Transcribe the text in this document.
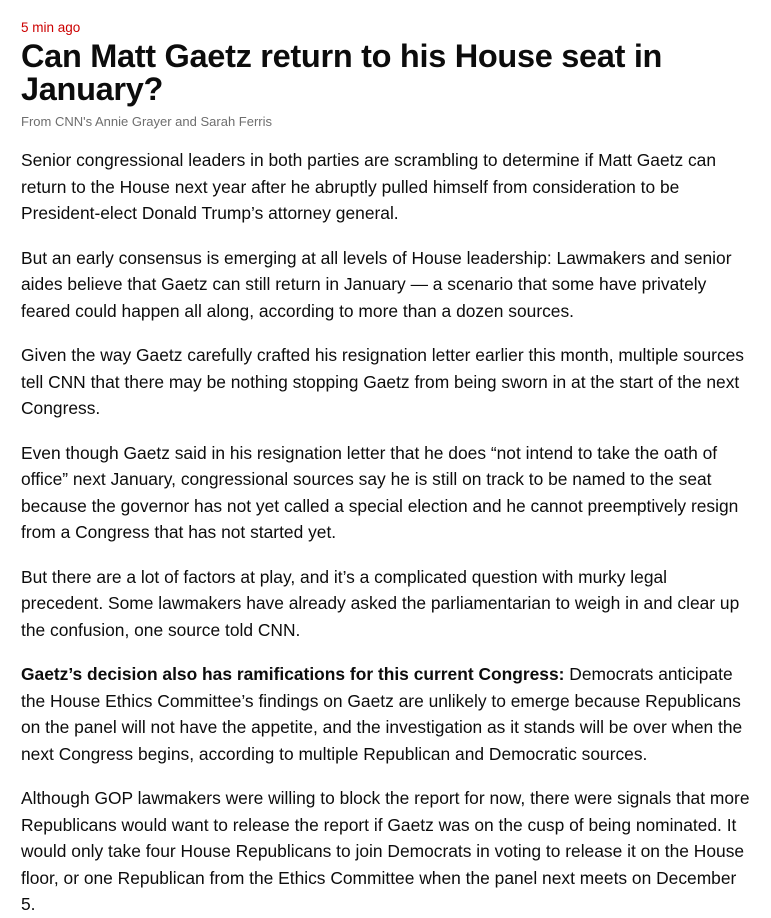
5 min ago
Can Matt Gaetz return to his House seat in January?
From CNN's Annie Grayer and Sarah Ferris

Senior congressional leaders in both parties are scrambling to determine if Matt Gaetz can return to the House next year after he abruptly pulled himself from consideration to be President-elect Donald Trump’s attorney general.

But an early consensus is emerging at all levels of House leadership: Lawmakers and senior aides believe that Gaetz can still return in January — a scenario that some have privately feared could happen all along, according to more than a dozen sources.

Given the way Gaetz carefully crafted his resignation letter earlier this month, multiple sources tell CNN that there may be nothing stopping Gaetz from being sworn in at the start of the next Congress.

Even though Gaetz said in his resignation letter that he does “not intend to take the oath of office” next January, congressional sources say he is still on track to be named to the seat because the governor has not yet called a special election and he cannot preemptively resign from a Congress that has not started yet.

But there are a lot of factors at play, and it’s a complicated question with murky legal precedent. Some lawmakers have already asked the parliamentarian to weigh in and clear up the confusion, one source told CNN.

Gaetz’s decision also has ramifications for this current Congress: Democrats anticipate the House Ethics Committee’s findings on Gaetz are unlikely to emerge because Republicans on the panel will not have the appetite, and the investigation as it stands will be over when the next Congress begins, according to multiple Republican and Democratic sources.

Although GOP lawmakers were willing to block the report for now, there were signals that more Republicans would want to release the report if Gaetz was on the cusp of being nominated. It would only take four House Republicans to join Democrats in voting to release it on the House floor, or one Republican from the Ethics Committee when the panel next meets on December 5.
